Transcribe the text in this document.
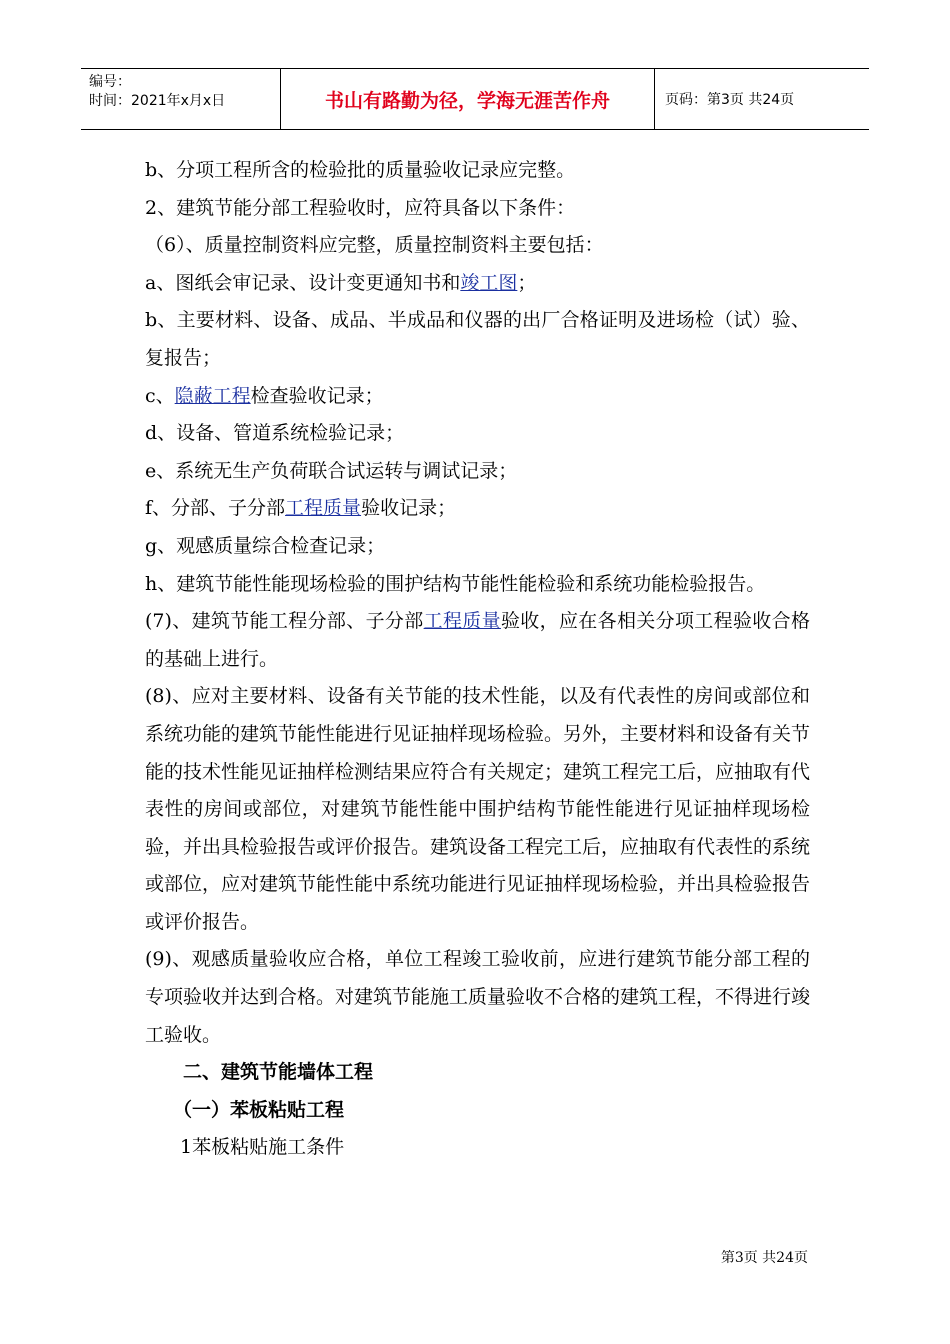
编号：
时间：2021年x月x日	书山有路勤为径，学海无涯苦作舟	页码：第3页 共24页

b、分项工程所含的检验批的质量验收记录应完整。

2、建筑节能分部工程验收时，应符具备以下条件：

（6）、质量控制资料应完整，质量控制资料主要包括：

a、图纸会审记录、设计变更通知书和竣工图；

b、主要材料、设备、成品、半成品和仪器的出厂合格证明及进场检（试）验、复报告；

c、隐蔽工程检查验收记录；

d、设备、管道系统检验记录；

e、系统无生产负荷联合试运转与调试记录；

f、分部、子分部工程质量验收记录；

g、观感质量综合检查记录；

h、建筑节能性能现场检验的围护结构节能性能检验和系统功能检验报告。

(7)、建筑节能工程分部、子分部工程质量验收，应在各相关分项工程验收合格的基础上进行。

(8)、应对主要材料、设备有关节能的技术性能，以及有代表性的房间或部位和系统功能的建筑节能性能进行见证抽样现场检验。另外，主要材料和设备有关节能的技术性能见证抽样检测结果应符合有关规定；建筑工程完工后，应抽取有代表性的房间或部位，对建筑节能性能中围护结构节能性能进行见证抽样现场检验，并出具检验报告或评价报告。建筑设备工程完工后，应抽取有代表性的系统或部位，应对建筑节能性能中系统功能进行见证抽样现场检验，并出具检验报告或评价报告。

(9)、观感质量验收应合格，单位工程竣工验收前，应进行建筑节能分部工程的专项验收并达到合格。对建筑节能施工质量验收不合格的建筑工程，不得进行竣工验收。

二、建筑节能墙体工程

（一）苯板粘贴工程

1苯板粘贴施工条件

第3页 共24页
